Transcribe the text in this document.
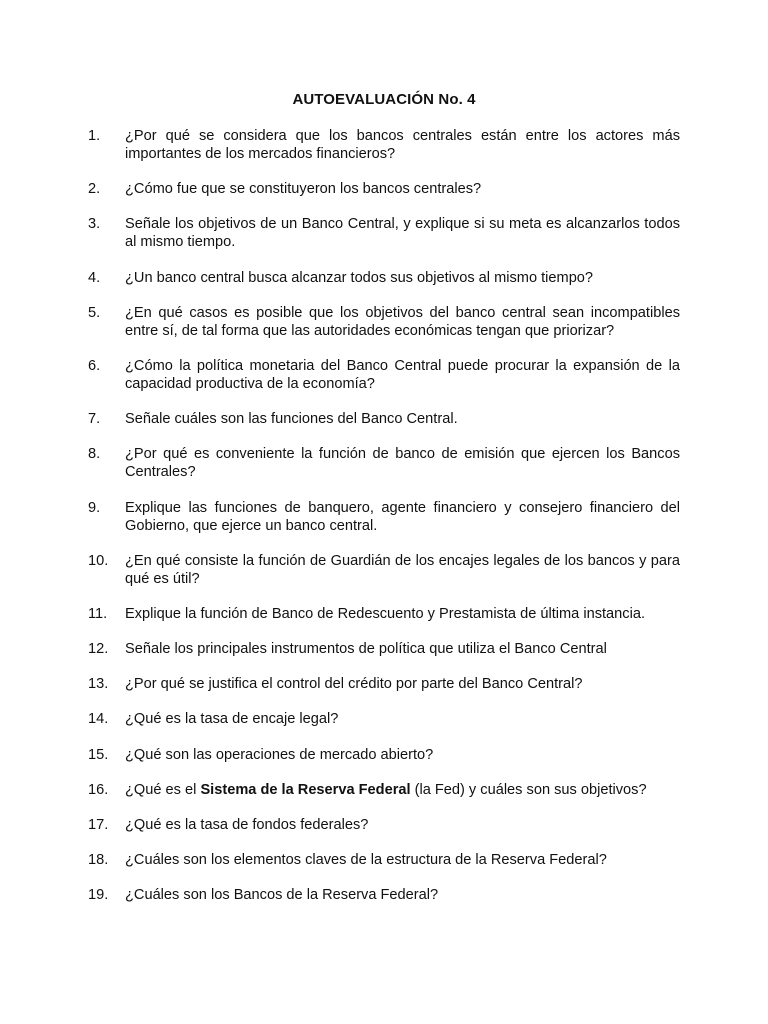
AUTOEVALUACIÓN No. 4
1.	¿Por qué se considera que los bancos centrales están entre los actores más importantes de los mercados financieros?
2.	¿Cómo fue que se constituyeron los bancos centrales?
3.	Señale los objetivos de un Banco Central, y explique si su meta es alcanzarlos todos al mismo tiempo.
4.	¿Un banco central busca alcanzar todos sus objetivos al mismo tiempo?
5.	¿En qué casos es posible que los objetivos del banco central sean incompatibles entre sí, de tal forma que las autoridades económicas tengan que priorizar?
6.	¿Cómo la política monetaria del Banco Central puede procurar la expansión de la capacidad productiva de la economía?
7.	Señale cuáles son las funciones del Banco Central.
8.	¿Por qué es conveniente la función de banco de emisión que ejercen los Bancos Centrales?
9.	Explique las funciones de banquero, agente financiero y consejero financiero del Gobierno, que ejerce un banco central.
10.	¿En qué consiste la función de Guardián de los encajes legales de los bancos y para qué es útil?
11.	Explique la función de Banco de Redescuento y Prestamista de última instancia.
12.	Señale los principales instrumentos de política que utiliza el Banco Central
13.	¿Por qué se justifica el control del crédito por parte del Banco Central?
14.	¿Qué es la tasa de encaje legal?
15.	¿Qué son las operaciones de mercado abierto?
16.	¿Qué es el Sistema de la Reserva Federal (la Fed) y cuáles son sus objetivos?
17.	¿Qué es la tasa de fondos federales?
18.	¿Cuáles son los elementos claves de la estructura de la Reserva Federal?
19.	¿Cuáles son los Bancos de la Reserva Federal?
